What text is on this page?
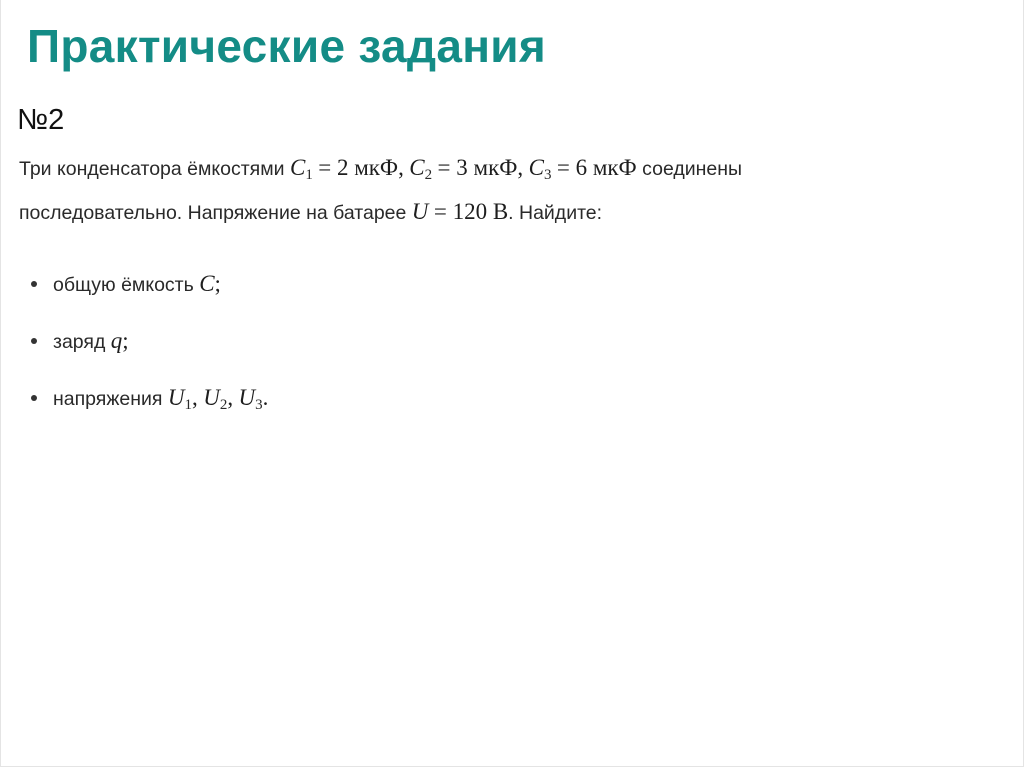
Практические задания
№2
Три конденсатора ёмкостями $C_1 = 2$ мкФ, $C_2 = 3$ мкФ, $C_3 = 6$ мкФ соединены
последовательно. Напряжение на батарее U = 120 В. Найдите:
общую ёмкость C;
заряд q;
напряжения $U_1$, $U_2$, $U_3$.
